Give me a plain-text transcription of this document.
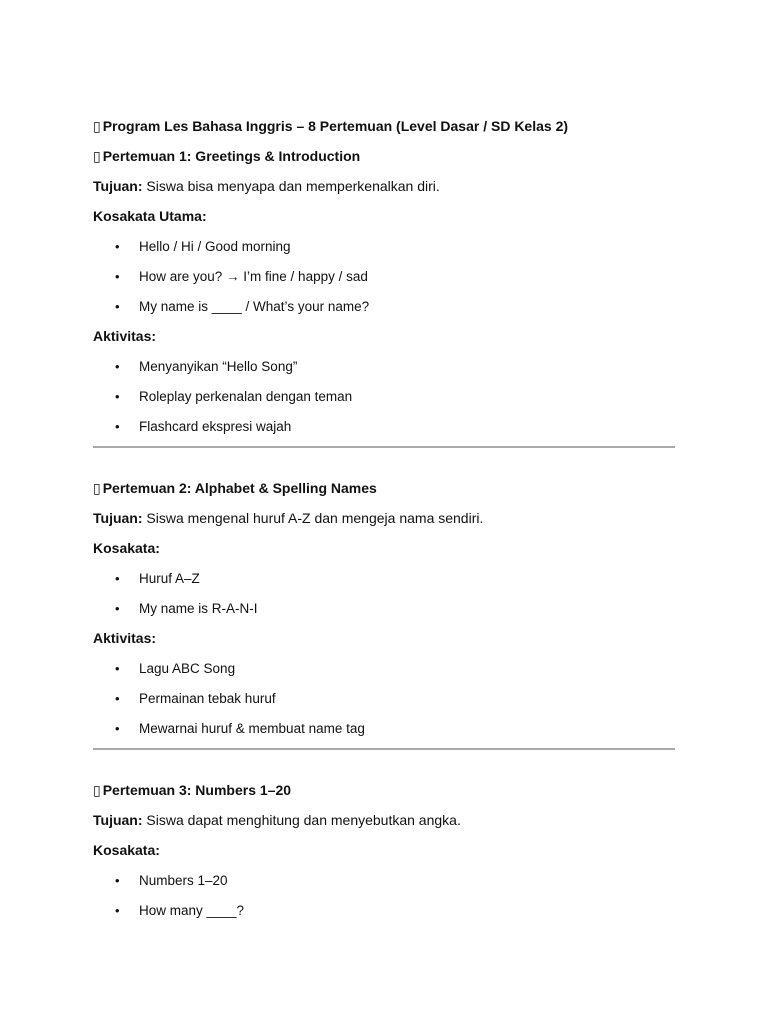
▯ Program Les Bahasa Inggris – 8 Pertemuan (Level Dasar / SD Kelas 2)
▯ Pertemuan 1: Greetings & Introduction
Tujuan: Siswa bisa menyapa dan memperkenalkan diri.
Kosakata Utama:
• Hello / Hi / Good morning
• How are you? → I’m fine / happy / sad
• My name is ____ / What’s your name?
Aktivitas:
• Menyanyikan “Hello Song”
• Roleplay perkenalan dengan teman
• Flashcard ekspresi wajah
▯ Pertemuan 2: Alphabet & Spelling Names
Tujuan: Siswa mengenal huruf A-Z dan mengeja nama sendiri.
Kosakata:
• Huruf A–Z
• My name is R-A-N-I
Aktivitas:
• Lagu ABC Song
• Permainan tebak huruf
• Mewarnai huruf & membuat name tag
▯ Pertemuan 3: Numbers 1–20
Tujuan: Siswa dapat menghitung dan menyebutkan angka.
Kosakata:
• Numbers 1–20
• How many ____?
